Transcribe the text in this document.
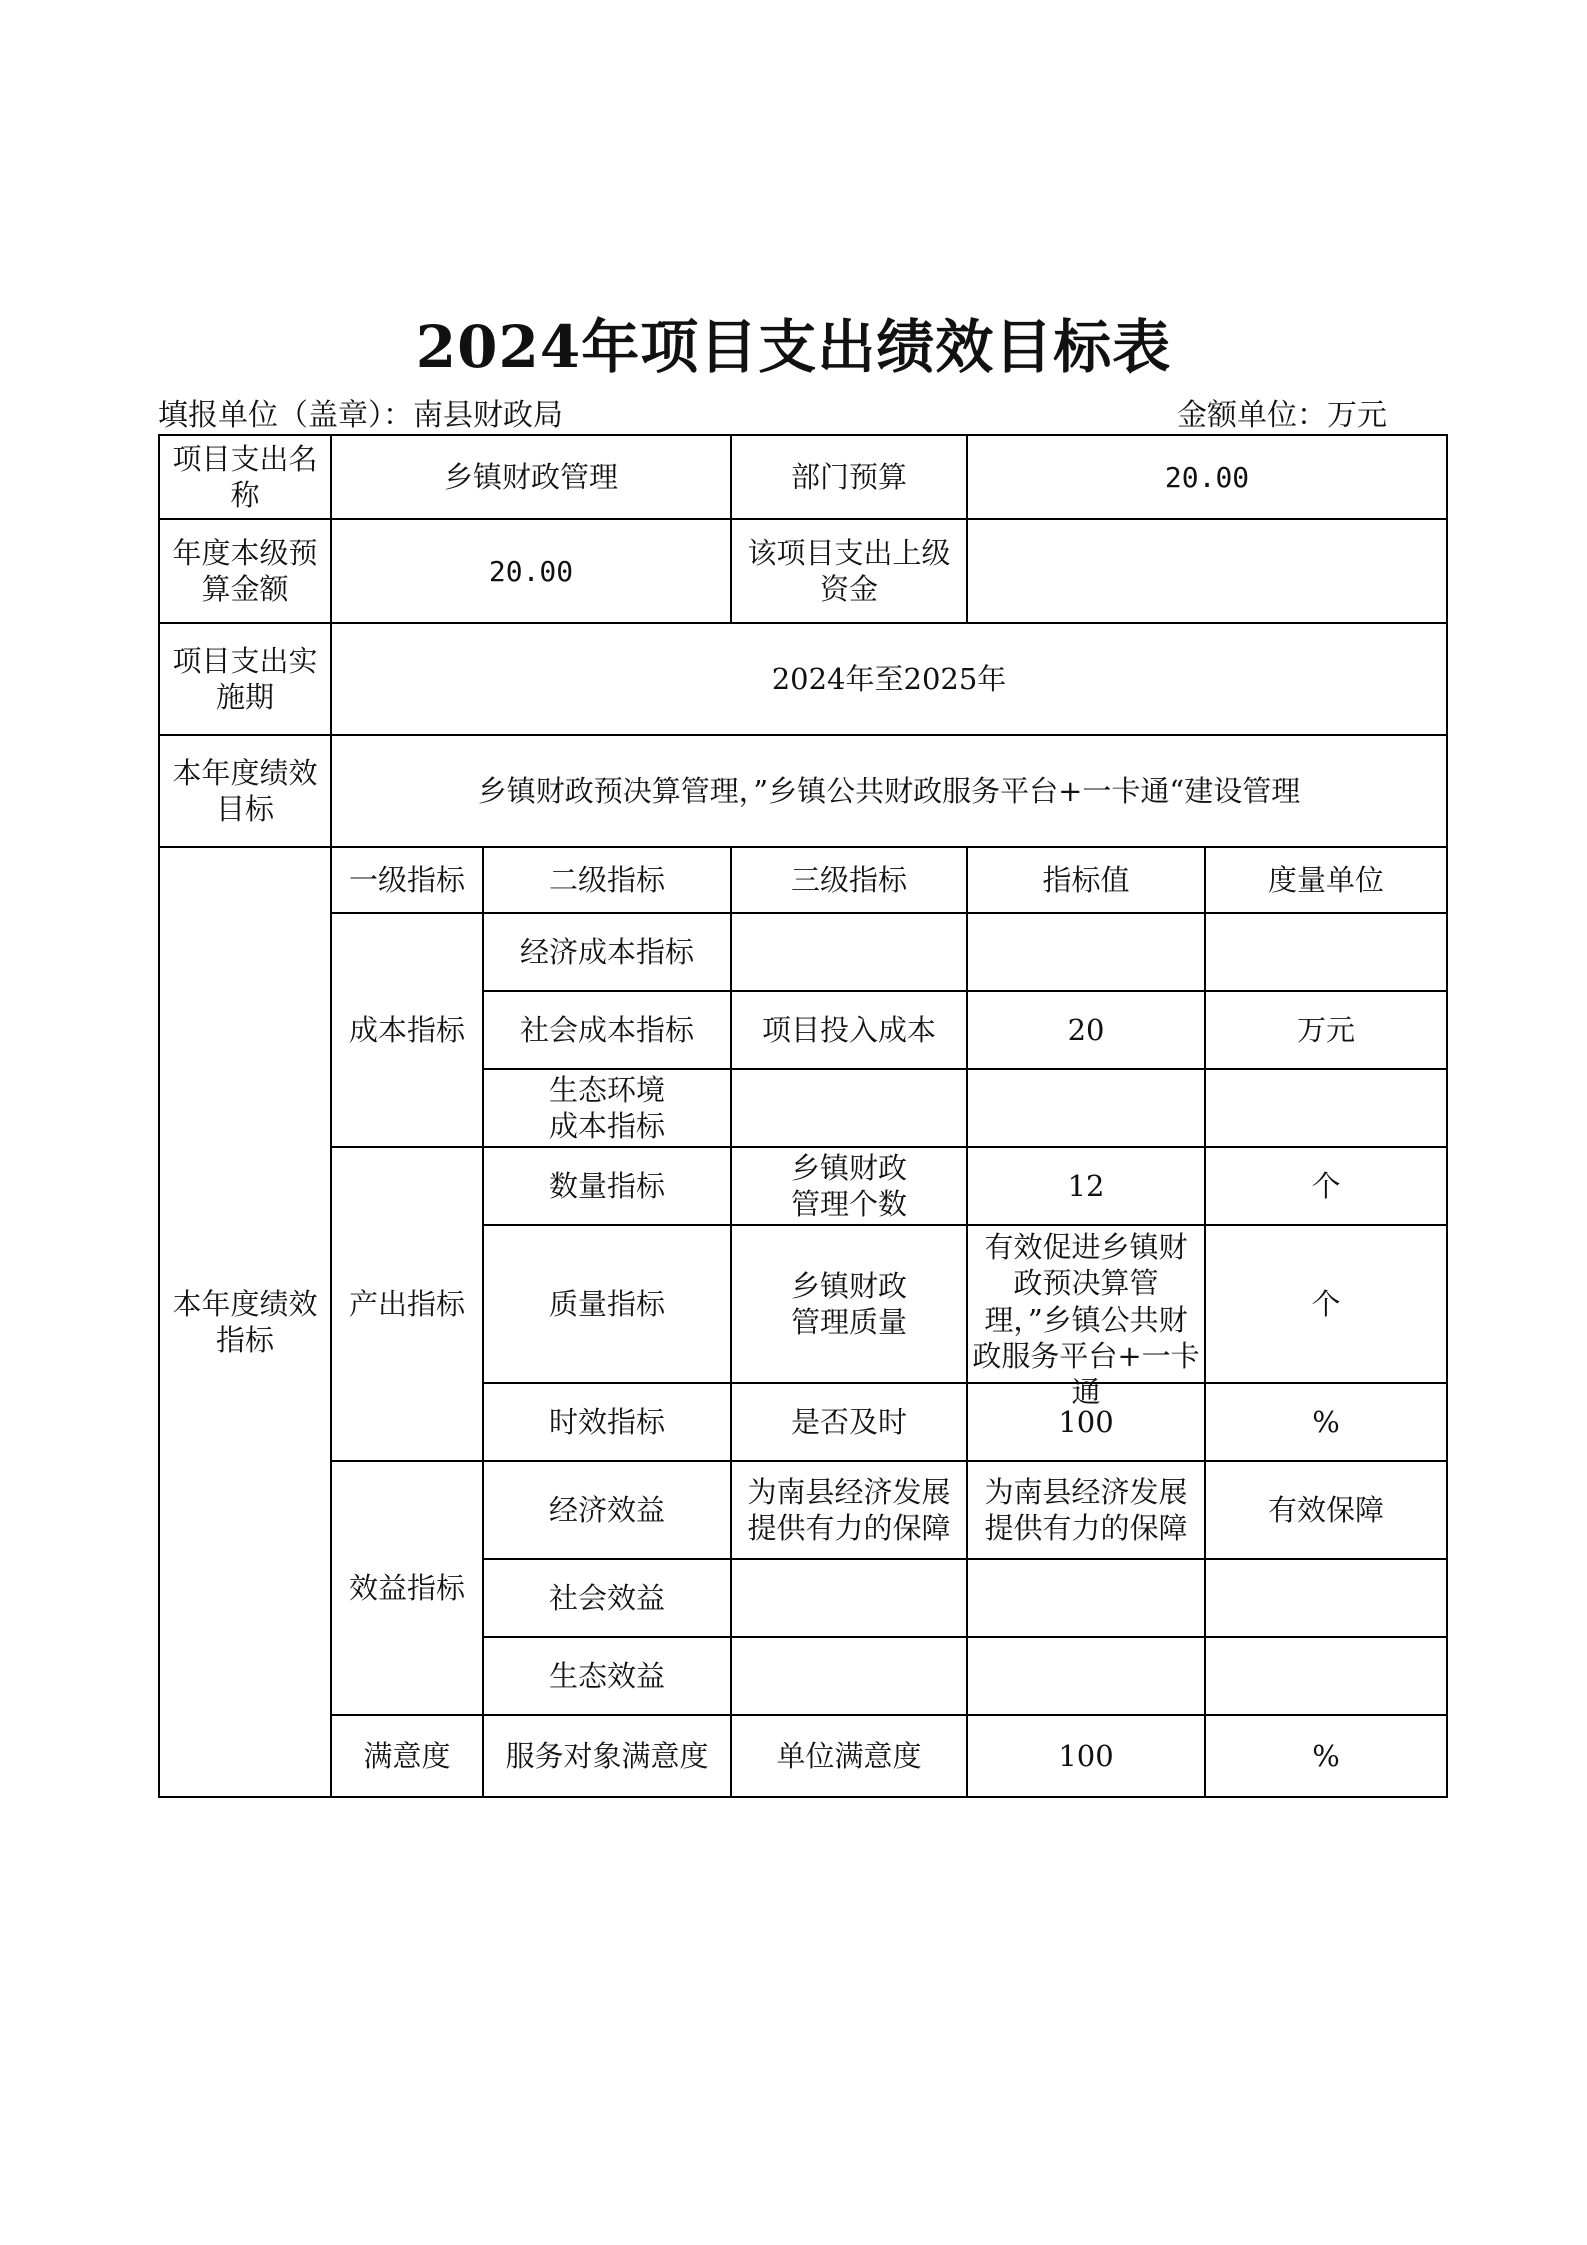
2024年项目支出绩效目标表
填报单位（盖章）：南县财政局	金额单位：万元
项目支出名称	乡镇财政管理		部门预算	20.00	
年度本级预算金额	20.00		该项目支出上级资金		
项目支出实施期	2024年至2025年				
本年度绩效目标	乡镇财政预决算管理，”乡镇公共财政服务平台+一卡通“建设管理				
本年度绩效指标	一级指标	二级指标	三级指标	指标值	度量单位
	成本指标	经济成本指标			
		社会成本指标	项目投入成本	20	万元
		生态环境成本指标			
	产出指标	数量指标	乡镇财政管理个数	12	个
		质量指标	乡镇财政管理质量	有效促进乡镇财政预决算管理，”乡镇公共财政服务平台+一卡通	个
		时效指标	是否及时	100	%
	效益指标	经济效益	为南县经济发展提供有力的保障	为南县经济发展提供有力的保障	有效保障
		社会效益			
		生态效益			
	满意度	服务对象满意度	单位满意度	100	%
